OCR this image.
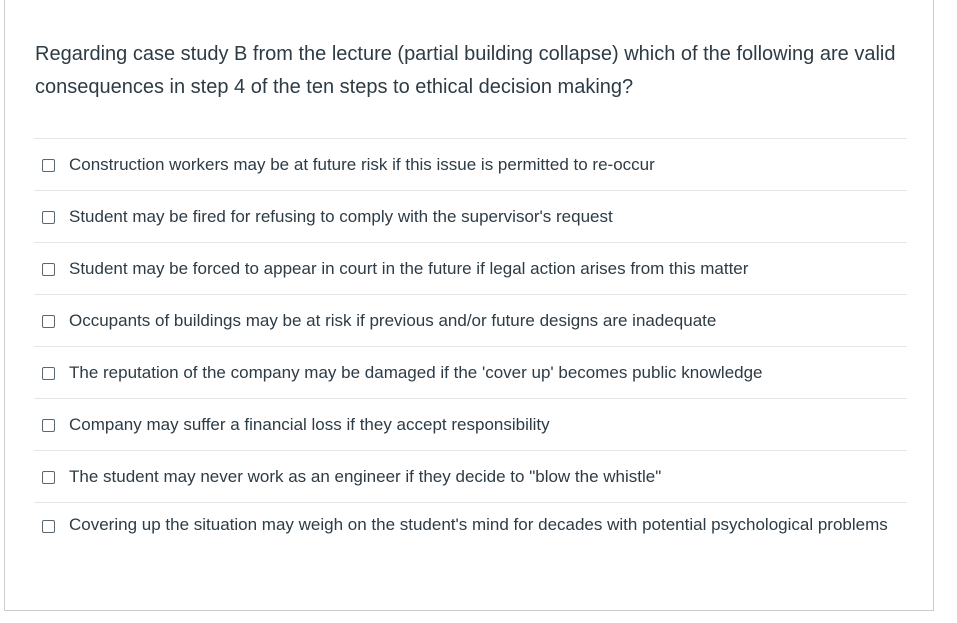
Regarding case study B from the lecture (partial building collapse) which of the following are valid consequences in step 4 of the ten steps to ethical decision making?

Construction workers may be at future risk if this issue is permitted to re-occur
Student may be fired for refusing to comply with the supervisor's request
Student may be forced to appear in court in the future if legal action arises from this matter
Occupants of buildings may be at risk if previous and/or future designs are inadequate
The reputation of the company may be damaged if the 'cover up' becomes public knowledge
Company may suffer a financial loss if they accept responsibility
The student may never work as an engineer if they decide to "blow the whistle"
Covering up the situation may weigh on the student's mind for decades with potential psychological problems
